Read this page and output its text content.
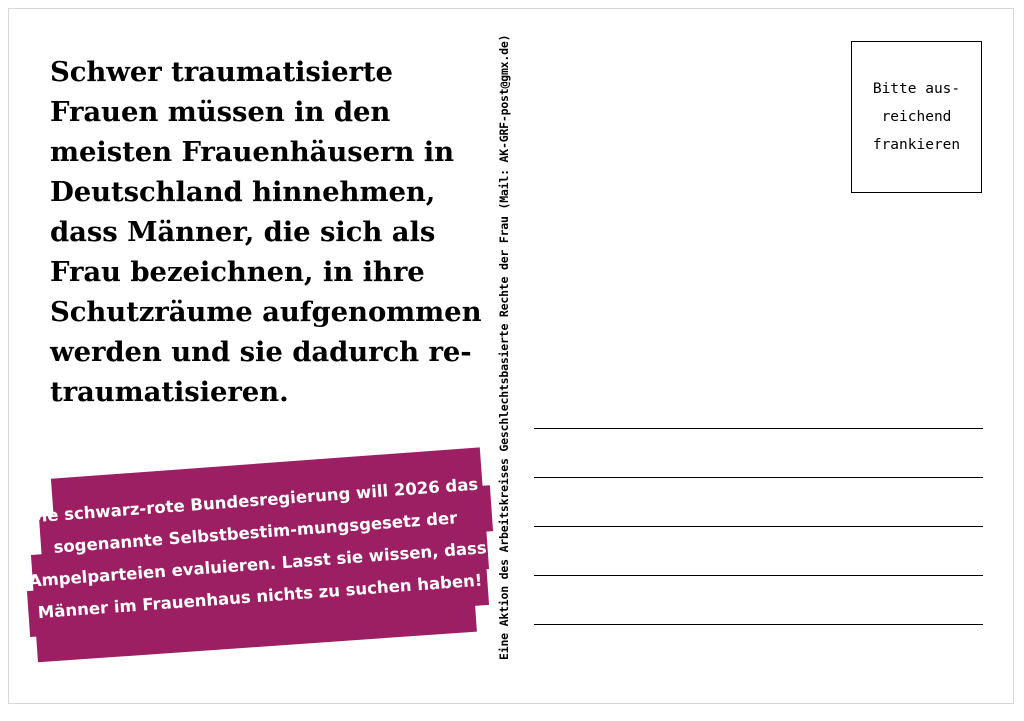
Schwer traumatisierte Frauen müssen in den meisten Frauenhäusern in Deutschland hinnehmen, dass Männer, die sich als Frau bezeichnen, in ihre Schutzräume aufgenommen werden und sie dadurch re-traumatisieren.
Die schwarz-rote Bundesregierung will 2026 das sogenannte Selbstbestim-mungsgesetz der Ampelparteien evaluieren. Lasst sie wissen, dass Männer im Frauenhaus nichts zu suchen haben!	Eine Aktion des Arbeitskreises Geschlechtsbasierte Rechte der Frau (Mail: AK-GRF-post@gmx.de)	Bitte aus-
reichend
frankieren
